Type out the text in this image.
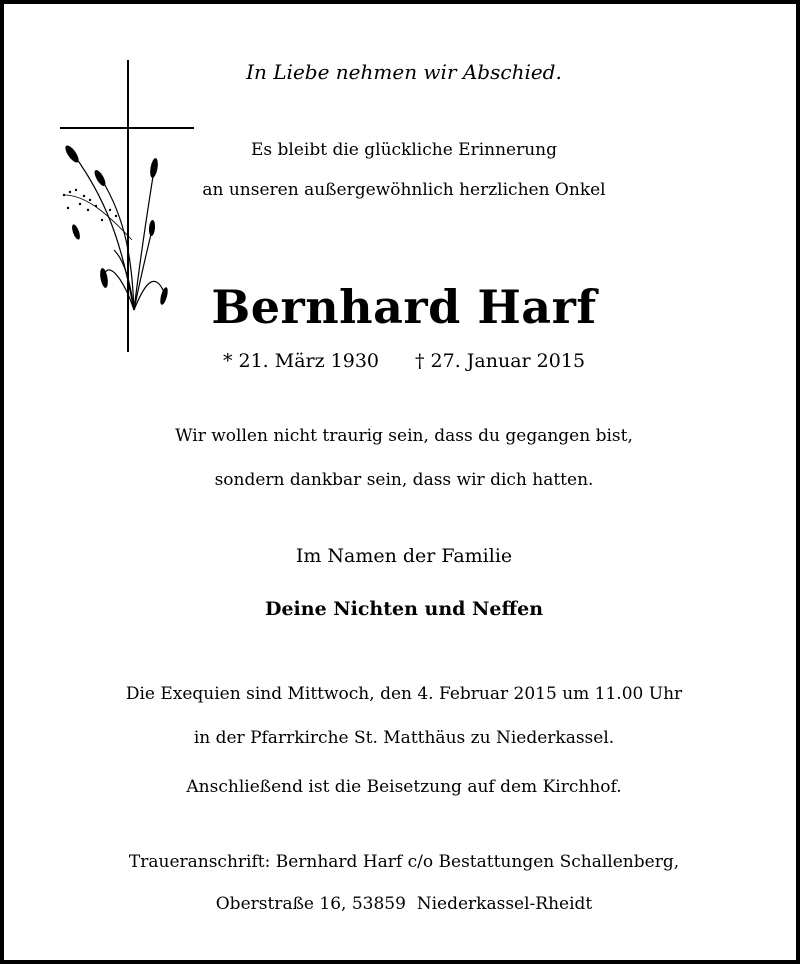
In Liebe nehmen wir Abschied.
Es bleibt die glückliche Erinnerung
an unseren außergewöhnlich herzlichen Onkel
Bernhard Harf
* 21. März 1930 † 27. Januar 2015
Wir wollen nicht traurig sein, dass du gegangen bist,
sondern dankbar sein, dass wir dich hatten.
Im Namen der Familie
Deine Nichten und Neffen
Die Exequien sind Mittwoch, den 4. Februar 2015 um 11.00 Uhr
in der Pfarrkirche St. Matthäus zu Niederkassel.
Anschließend ist die Beisetzung auf dem Kirchhof.
Traueranschrift: Bernhard Harf c/o Bestattungen Schallenberg,
Oberstraße 16, 53859  Niederkassel-Rheidt
